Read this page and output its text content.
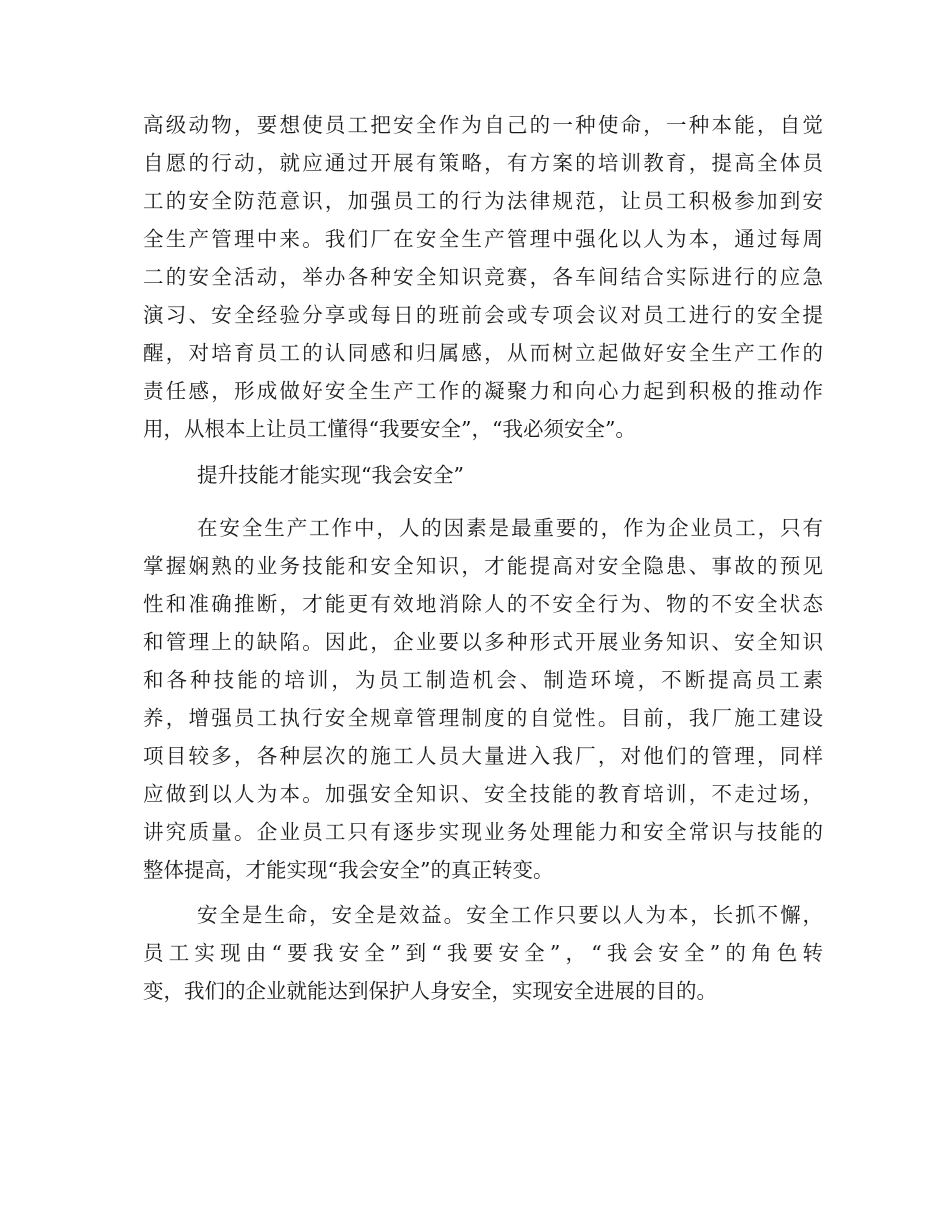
高级动物，要想使员工把安全作为自己的一种使命，一种本能，自觉
自愿的行动，就应通过开展有策略，有方案的培训教育，提高全体员
工的安全防范意识，加强员工的行为法律规范，让员工积极参加到安
全生产管理中来。我们厂在安全生产管理中强化以人为本，通过每周
二的安全活动，举办各种安全知识竞赛，各车间结合实际进行的应急
演习、安全经验分享或每日的班前会或专项会议对员工进行的安全提
醒，对培育员工的认同感和归属感，从而树立起做好安全生产工作的
责任感，形成做好安全生产工作的凝聚力和向心力起到积极的推动作
用，从根本上让员工懂得“我要安全”，“我必须安全”。
提升技能才能实现“我会安全”
在安全生产工作中，人的因素是最重要的，作为企业员工，只有
掌握娴熟的业务技能和安全知识，才能提高对安全隐患、事故的预见
性和准确推断，才能更有效地消除人的不安全行为、物的不安全状态
和管理上的缺陷。因此，企业要以多种形式开展业务知识、安全知识
和各种技能的培训，为员工制造机会、制造环境，不断提高员工素
养，增强员工执行安全规章管理制度的自觉性。目前，我厂施工建设
项目较多，各种层次的施工人员大量进入我厂，对他们的管理，同样
应做到以人为本。加强安全知识、安全技能的教育培训，不走过场，
讲究质量。企业员工只有逐步实现业务处理能力和安全常识与技能的
整体提高，才能实现“我会安全”的真正转变。
安全是生命，安全是效益。安全工作只要以人为本，长抓不懈，
员工实现由“要我安全”到“我要安全”，“我会安全”的角色转
变，我们的企业就能达到保护人身安全，实现安全进展的目的。
